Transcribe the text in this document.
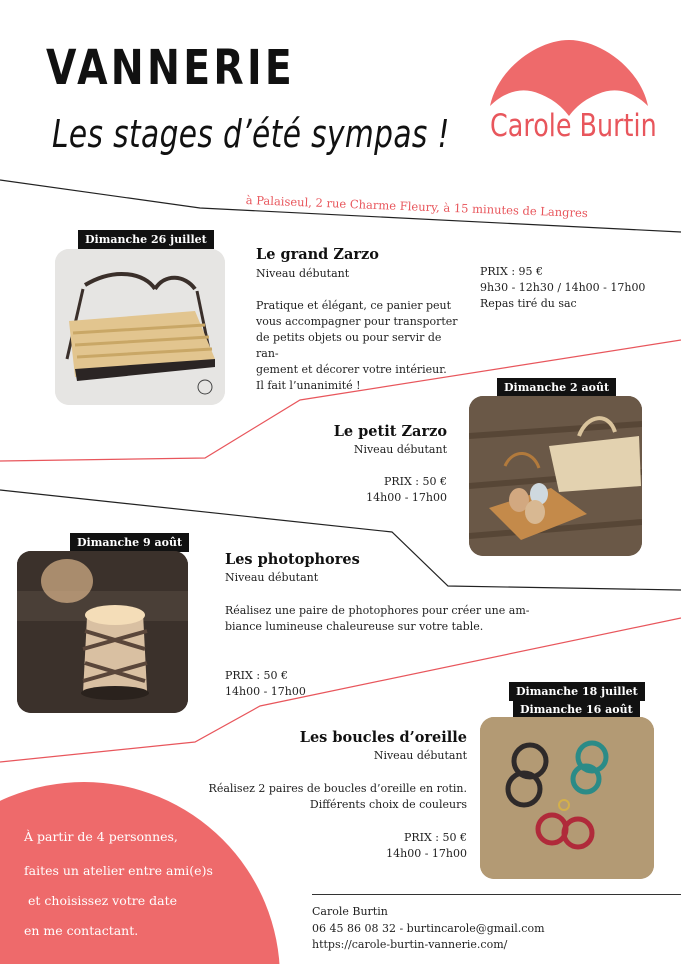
VANNERIE
Les stages d’été sympas ! Carole Burtin
à Palaiseul, 2 rue Charme Fleury, à 15 minutes de Langres
Dimanche 26 juillet
Le grand Zarzo
Niveau débutant
Pratique et élégant, ce panier peut
vous accompagner pour transporter
de petits objets ou pour servir de ran-
gement et décorer votre intérieur.
Il fait l’unanimité !
PRIX : 95 €
9h30 - 12h30 / 14h00 - 17h00
Repas tiré du sac
Dimanche 2 août
Le petit Zarzo
Niveau débutant
PRIX : 50 €
14h00 - 17h00
Dimanche 9 août
Les photophores
Niveau débutant
Réalisez une paire de photophores pour créer une am-
biance lumineuse chaleureuse sur votre table.
PRIX : 50 €
14h00 - 17h00	Dimanche 18 juillet
Dimanche 16 août
Les boucles d’oreille
Niveau débutant
Réalisez 2 paires de boucles d’oreille en rotin.
Différents choix de couleurs
PRIX : 50 €
14h00 - 17h00
À partir de 4 personnes,
faites un atelier entre ami(e)s
et choisissez votre date
en me contactant.
Carole Burtin
06 45 86 08 32 - burtincarole@gmail.com
https://carole-burtin-vannerie.com/
